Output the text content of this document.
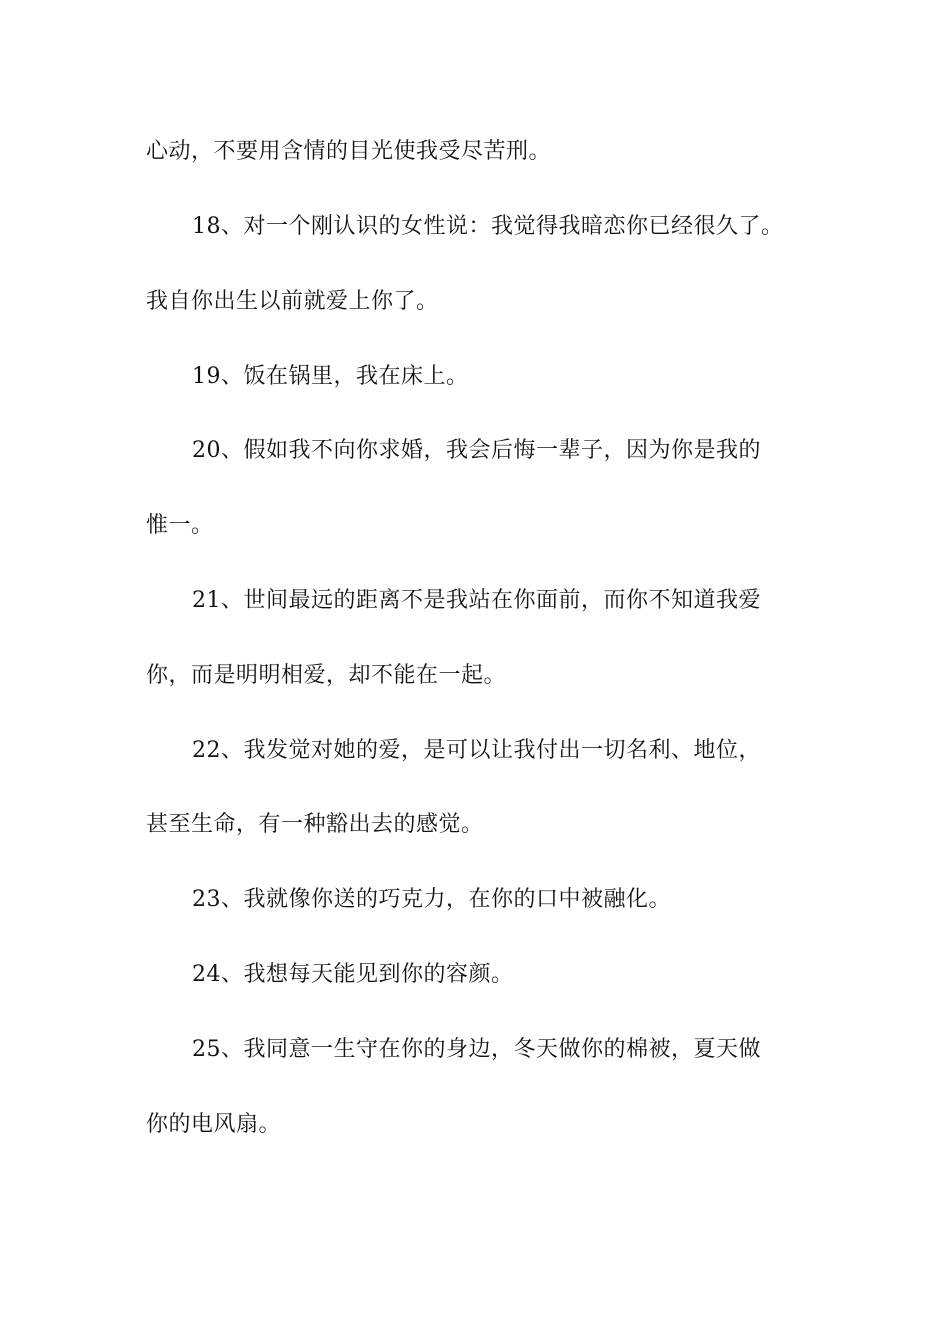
心动，不要用含情的目光使我受尽苦刑。
18、对一个刚认识的女性说：我觉得我暗恋你已经很久了。
我自你出生以前就爱上你了。
19、饭在锅里，我在床上。
20、假如我不向你求婚，我会后悔一辈子，因为你是我的
惟一。
21、世间最远的距离不是我站在你面前，而你不知道我爱
你，而是明明相爱，却不能在一起。
22、我发觉对她的爱，是可以让我付出一切名利、地位，
甚至生命，有一种豁出去的感觉。
23、我就像你送的巧克力，在你的口中被融化。
24、我想每天能见到你的容颜。
25、我同意一生守在你的身边，冬天做你的棉被，夏天做
你的电风扇。
